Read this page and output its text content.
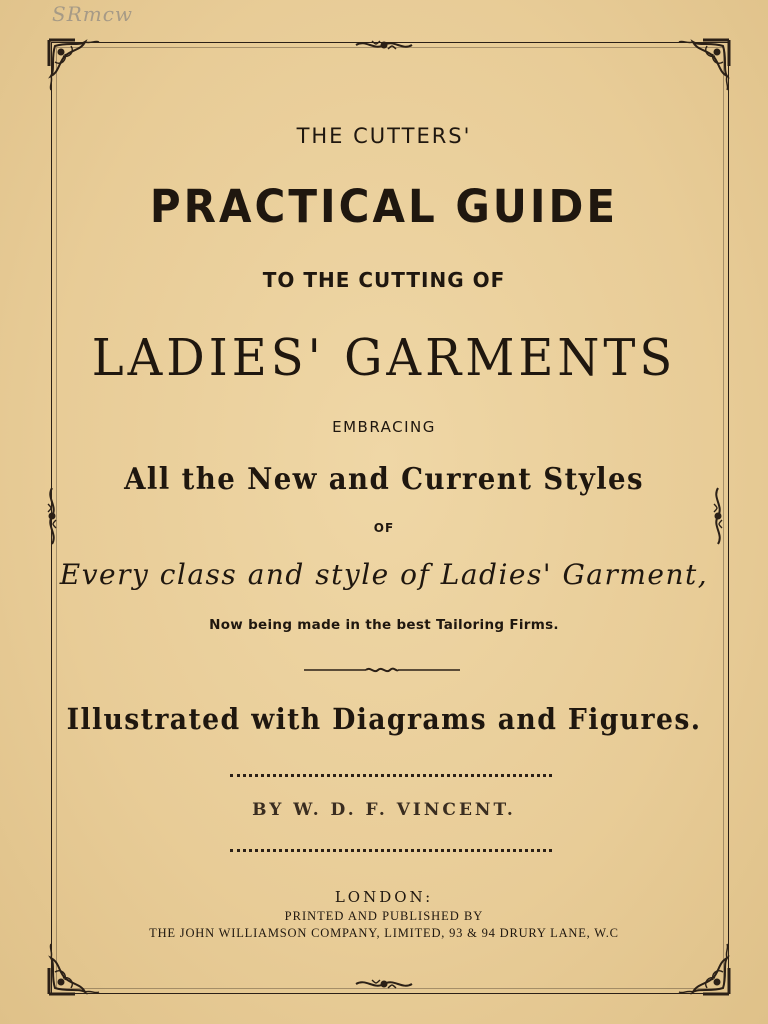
SRmcw
THE CUTTERS'
PRACTICAL GUIDE
TO THE CUTTING OF
LADIES' GARMENTS
EMBRACING
All the New and Current Styles
OF
Every class and style of Ladies' Garment,
Now being made in the best Tailoring Firms.
Illustrated with Diagrams and Figures.
BY W. D. F. VINCENT.
LONDON:
PRINTED AND PUBLISHED BY
THE JOHN WILLIAMSON COMPANY, LIMITED, 93 & 94 DRURY LANE, W.C
